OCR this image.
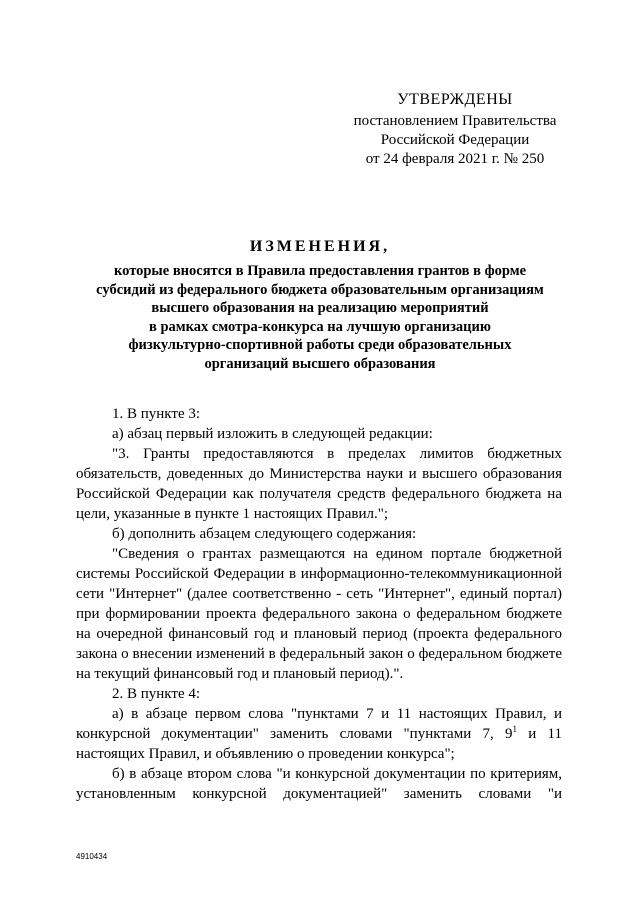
УТВЕРЖДЕНЫ
постановлением Правительства
Российской Федерации
от 24 февраля 2021 г. № 250
ИЗМЕНЕНИЯ,
которые вносятся в Правила предоставления грантов в форме
субсидий из федерального бюджета образовательным организациям
высшего образования на реализацию мероприятий
в рамках смотра-конкурса на лучшую организацию
физкультурно-спортивной работы среди образовательных
организаций высшего образования

1. В пункте 3:

а) абзац первый изложить в следующей редакции:

"3. Гранты предоставляются в пределах лимитов бюджетных обязательств, доведенных до Министерства науки и высшего образования Российской Федерации как получателя средств федерального бюджета на цели, указанные в пункте 1 настоящих Правил.";

б) дополнить абзацем следующего содержания:

"Сведения о грантах размещаются на едином портале бюджетной системы Российской Федерации в информационно-телекоммуникационной сети "Интернет" (далее соответственно - сеть "Интернет", единый портал) при формировании проекта федерального закона о федеральном бюджете на очередной финансовый год и плановый период (проекта федерального закона о внесении изменений в федеральный закон о федеральном бюджете на текущий финансовый год и плановый период).".

2. В пункте 4:

а) в абзаце первом слова "пунктами 7 и 11 настоящих Правил, и конкурсной документации" заменить словами "пунктами 7, $9^1$ и 11 настоящих Правил, и объявлению о проведении конкурса";

б) в абзаце втором слова "и конкурсной документации по критериям, установленным конкурсной документацией" заменить словами "и

4910434
